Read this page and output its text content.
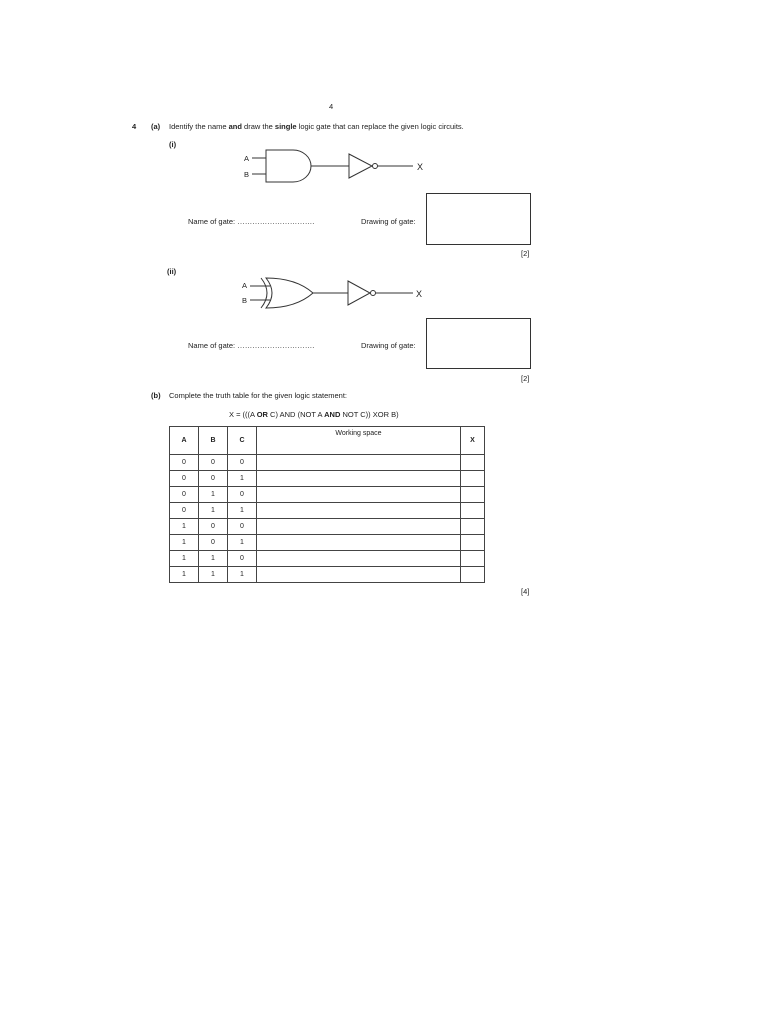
4
4 (a) Identify the name and draw the single logic gate that can replace the given logic circuits.
(i)
A
B
X
Name of gate: ………………………….	Drawing of gate:
[2]
(ii)
A
B
X
Name of gate: ………………………….	Drawing of gate:
[2]
(b) Complete the truth table for the given logic statement:
X = (((A OR C) AND (NOT A AND NOT C)) XOR B)
A	B	C	Working space	X
0	0	0		
0	0	1		
0	1	0		
0	1	1		
1	0	0		
1	0	1		
1	1	0		
1	1	1		
[4]
